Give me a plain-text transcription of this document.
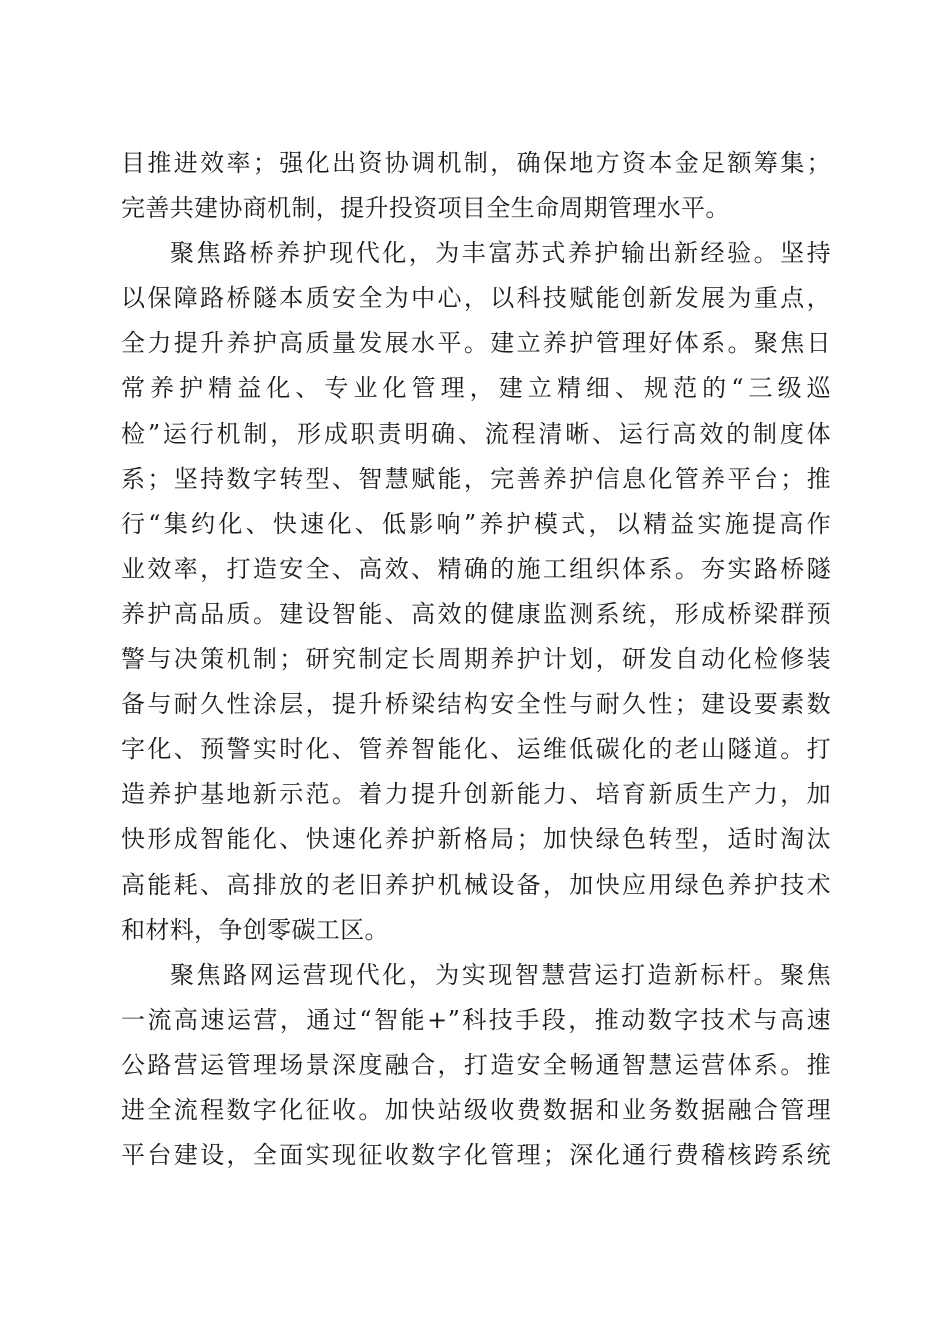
目推进效率；强化出资协调机制，确保地方资本金足额筹集；
完善共建协商机制，提升投资项目全生命周期管理水平。
聚焦路桥养护现代化，为丰富苏式养护输出新经验。坚持
以保障路桥隧本质安全为中心，以科技赋能创新发展为重点，
全力提升养护高质量发展水平。建立养护管理好体系。聚焦日
常养护精益化、专业化管理，建立精细、规范的“三级巡
检”运行机制，形成职责明确、流程清晰、运行高效的制度体
系；坚持数字转型、智慧赋能，完善养护信息化管养平台；推
行“集约化、快速化、低影响”养护模式，以精益实施提高作
业效率，打造安全、高效、精确的施工组织体系。夯实路桥隧
养护高品质。建设智能、高效的健康监测系统，形成桥梁群预
警与决策机制；研究制定长周期养护计划，研发自动化检修装
备与耐久性涂层，提升桥梁结构安全性与耐久性；建设要素数
字化、预警实时化、管养智能化、运维低碳化的老山隧道。打
造养护基地新示范。着力提升创新能力、培育新质生产力，加
快形成智能化、快速化养护新格局；加快绿色转型，适时淘汰
高能耗、高排放的老旧养护机械设备，加快应用绿色养护技术
和材料，争创零碳工区。
聚焦路网运营现代化，为实现智慧营运打造新标杆。聚焦
一流高速运营，通过“智能+”科技手段，推动数字技术与高速
公路营运管理场景深度融合，打造安全畅通智慧运营体系。推
进全流程数字化征收。加快站级收费数据和业务数据融合管理
平台建设，全面实现征收数字化管理；深化通行费稽核跨系统
